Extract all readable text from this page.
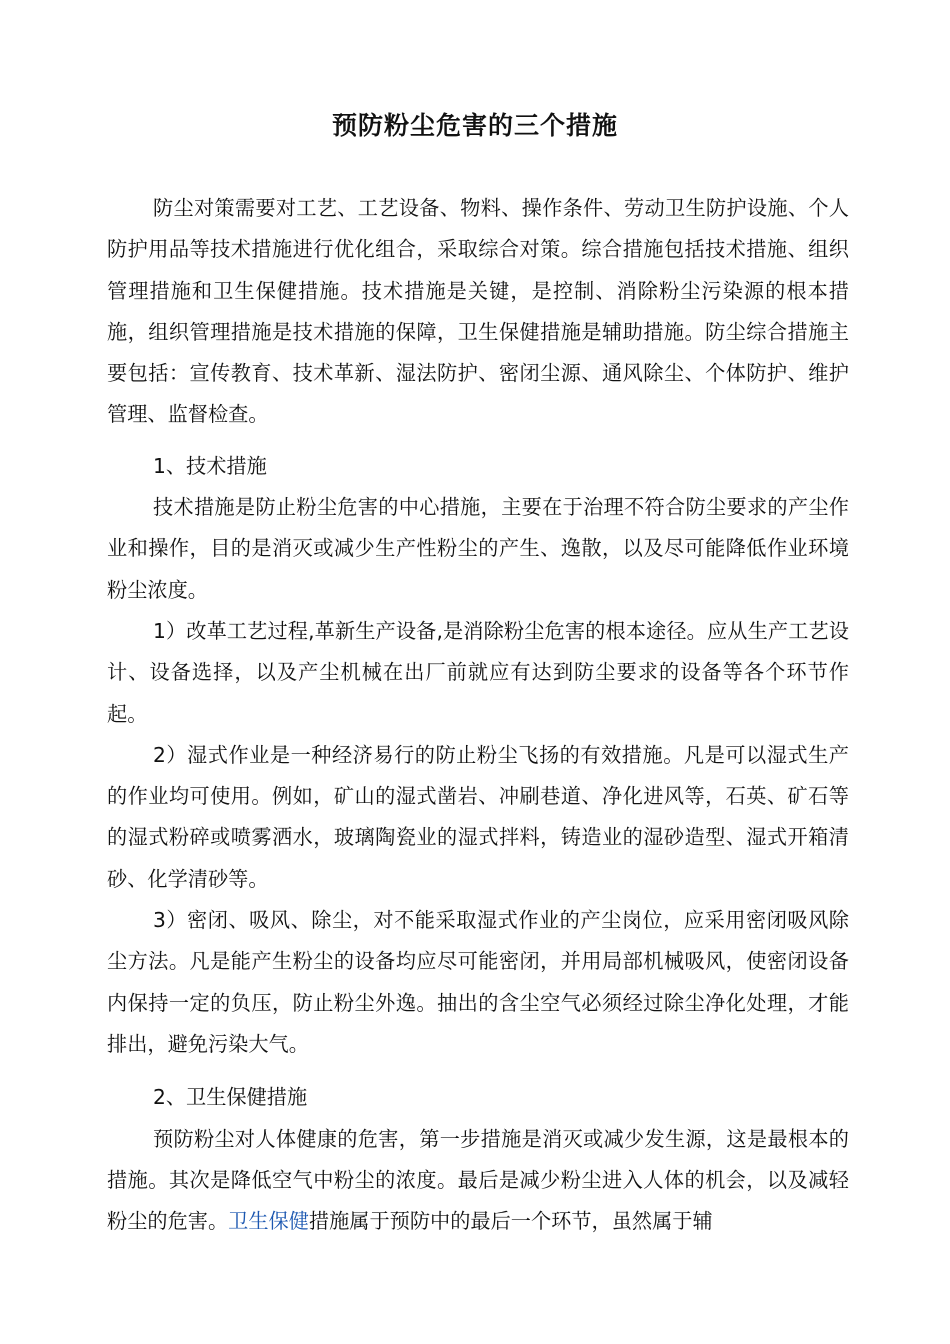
预防粉尘危害的三个措施

防尘对策需要对工艺、工艺设备、物料、操作条件、劳动卫生防护设施、个人防护用品等技术措施进行优化组合，采取综合对策。综合措施包括技术措施、组织管理措施和卫生保健措施。技术措施是关键，是控制、消除粉尘污染源的根本措施，组织管理措施是技术措施的保障，卫生保健措施是辅助措施。防尘综合措施主要包括：宣传教育、技术革新、湿法防护、密闭尘源、通风除尘、个体防护、维护管理、监督检查。

1、技术措施

技术措施是防止粉尘危害的中心措施，主要在于治理不符合防尘要求的产尘作业和操作，目的是消灭或减少生产性粉尘的产生、逸散，以及尽可能降低作业环境粉尘浓度。

1）改革工艺过程,革新生产设备,是消除粉尘危害的根本途径。应从生产工艺设计、设备选择，以及产尘机械在出厂前就应有达到防尘要求的设备等各个环节作起。

2）湿式作业是一种经济易行的防止粉尘飞扬的有效措施。凡是可以湿式生产的作业均可使用。例如，矿山的湿式凿岩、冲刷巷道、净化进风等，石英、矿石等的湿式粉碎或喷雾洒水，玻璃陶瓷业的湿式拌料，铸造业的湿砂造型、湿式开箱清砂、化学清砂等。

3）密闭、吸风、除尘，对不能采取湿式作业的产尘岗位，应采用密闭吸风除尘方法。凡是能产生粉尘的设备均应尽可能密闭，并用局部机械吸风，使密闭设备内保持一定的负压，防止粉尘外逸。抽出的含尘空气必须经过除尘净化处理，才能排出，避免污染大气。

2、卫生保健措施

预防粉尘对人体健康的危害，第一步措施是消灭或减少发生源，这是最根本的措施。其次是降低空气中粉尘的浓度。最后是减少粉尘进入人体的机会，以及减轻粉尘的危害。卫生保健措施属于预防中的最后一个环节，虽然属于辅
